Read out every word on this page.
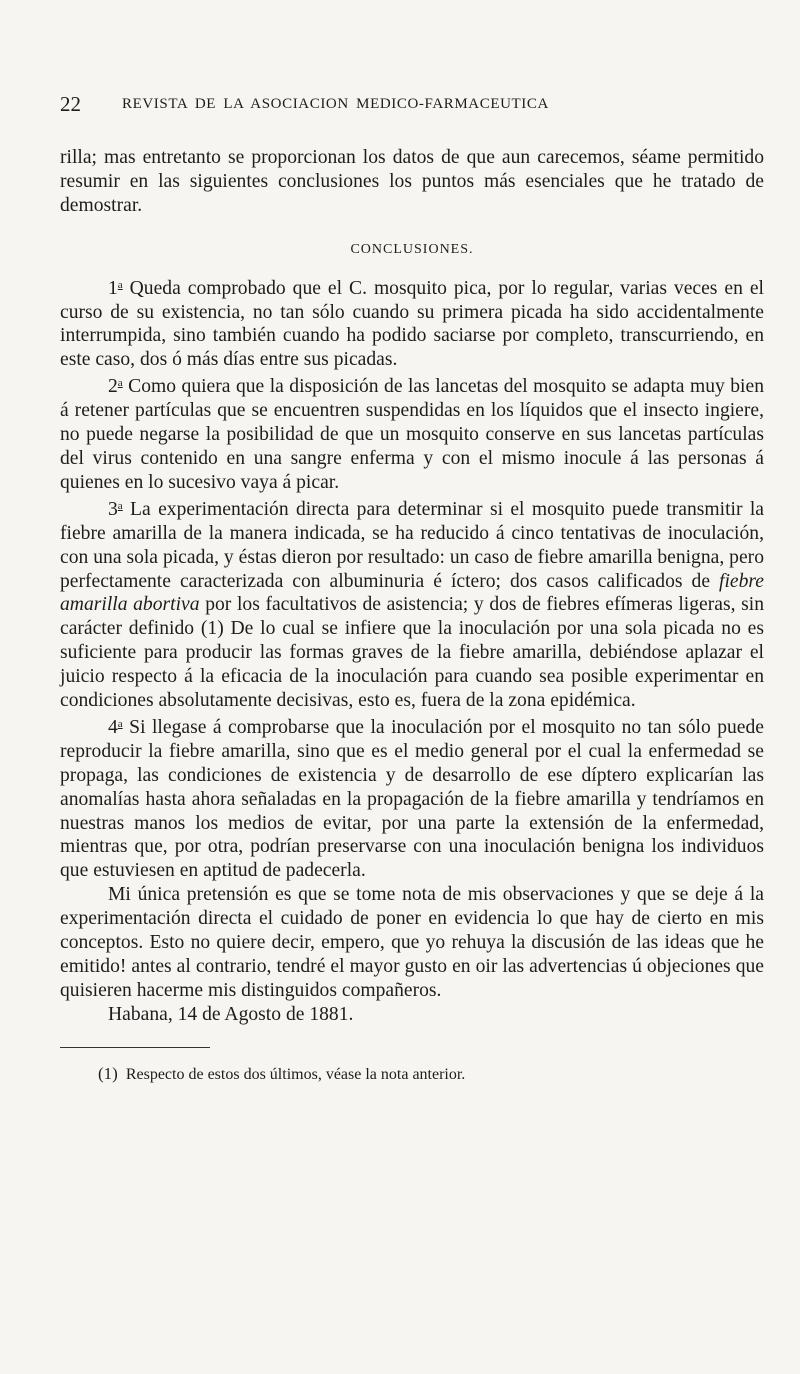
22	REVISTA DE LA ASOCIACION MEDICO-FARMACEUTICA

rilla; mas entretanto se proporcionan los datos de que aun carecemos, séame permitido resumir en las siguientes conclusiones los puntos más esenciales que he tratado de demostrar.

CONCLUSIONES.

1$^a$ Queda comprobado que el C. mosquito pica, por lo regular, varias veces en el curso de su existencia, no tan sólo cuando su primera picada ha sido accidentalmente interrumpida, sino también cuando ha podido saciarse por completo, transcurriendo, en este caso, dos ó más días entre sus picadas.

2$^a$ Como quiera que la disposición de las lancetas del mosquito se adapta muy bien á retener partículas que se encuentren suspendidas en los líquidos que el insecto ingiere, no puede negarse la posibilidad de que un mosquito conserve en sus lancetas partículas del virus contenido en una sangre enferma y con el mismo inocule á las personas á quienes en lo sucesivo vaya á picar.

3$^a$ La experimentación directa para determinar si el mosquito puede transmitir la fiebre amarilla de la manera indicada, se ha reducido á cinco tentativas de inoculación, con una sola picada, y éstas dieron por resultado: un caso de fiebre amarilla benigna, pero perfectamente caracterizada con albuminuria é íctero; dos casos calificados de fiebre amarilla abortiva por los facultativos de asistencia; y dos de fiebres efímeras ligeras, sin carácter definido (1) De lo cual se infiere que la inoculación por una sola picada no es suficiente para producir las formas graves de la fiebre amarilla, debiéndose aplazar el juicio respecto á la eficacia de la inoculación para cuando sea posible experimentar en condiciones absolutamente decisivas, esto es, fuera de la zona epidémica.

4$^a$ Si llegase á comprobarse que la inoculación por el mosquito no tan sólo puede reproducir la fiebre amarilla, sino que es el medio general por el cual la enfermedad se propaga, las condiciones de existencia y de desarrollo de ese díptero explicarían las anomalías hasta ahora señaladas en la propagación de la fiebre amarilla y tendríamos en nuestras manos los medios de evitar, por una parte la extensión de la enfermedad, mientras que, por otra, podrían preservarse con una inoculación benigna los individuos que estuviesen en aptitud de padecerla.

Mi única pretensión es que se tome nota de mis observaciones y que se deje á la experimentación directa el cuidado de poner en evidencia lo que hay de cierto en mis conceptos. Esto no quiere decir, empero, que yo rehuya la discusión de las ideas que he emitido! antes al contrario, tendré el mayor gusto en oir las advertencias ú objeciones que quisieren hacerme mis distinguidos compañeros.

Habana, 14 de Agosto de 1881.

(1) Respecto de estos dos últimos, véase la nota anterior.
